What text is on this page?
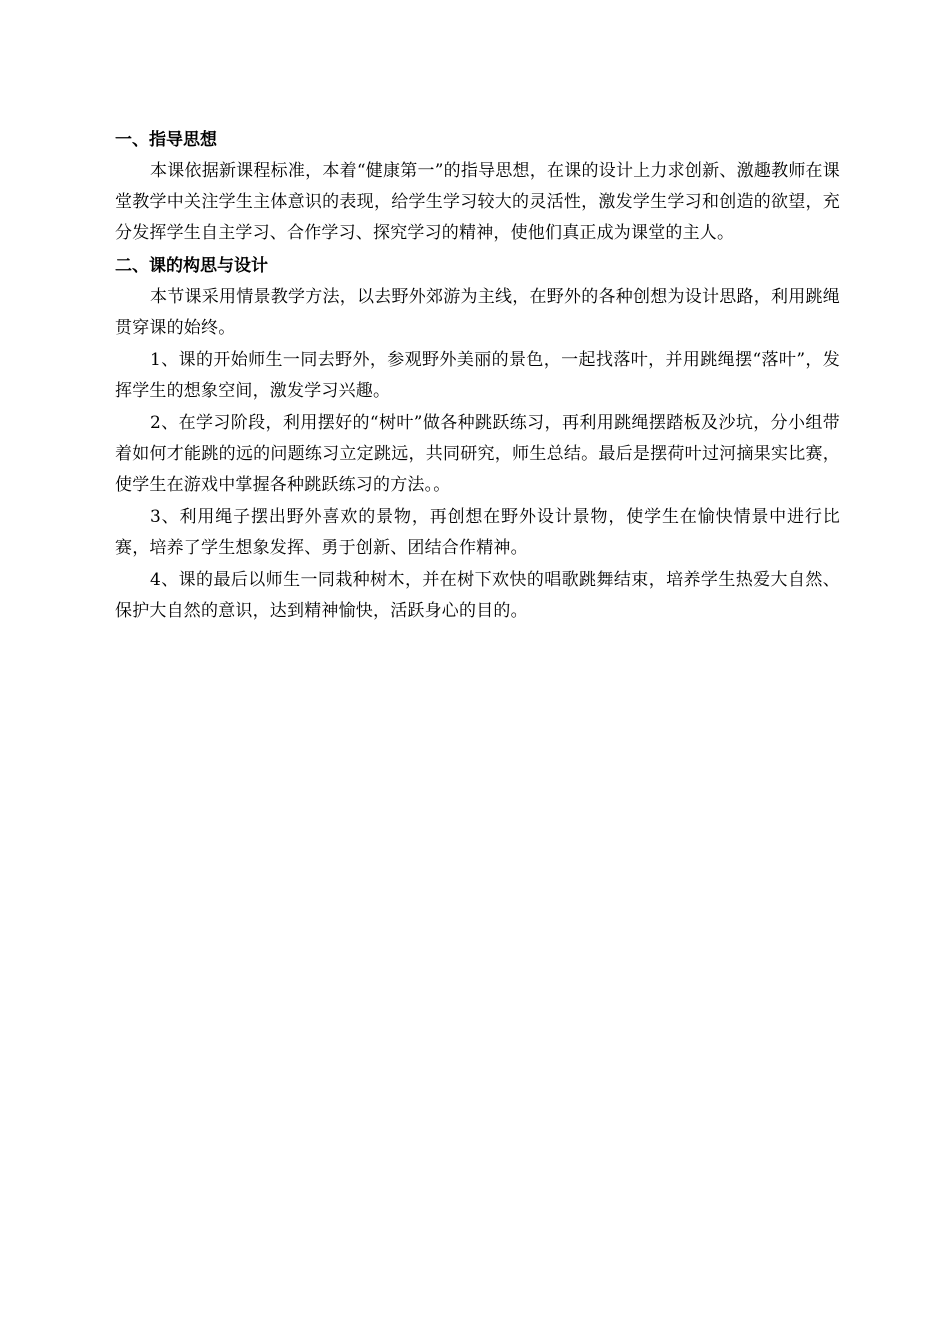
一、指导思想

本课依据新课程标准，本着“健康第一”的指导思想，在课的设计上力求创新、激趣教师在课堂教学中关注学生主体意识的表现，给学生学习较大的灵活性，激发学生学习和创造的欲望，充分发挥学生自主学习、合作学习、探究学习的精神，使他们真正成为课堂的主人。

二、课的构思与设计

本节课采用情景教学方法，以去野外郊游为主线，在野外的各种创想为设计思路，利用跳绳贯穿课的始终。

1、课的开始师生一同去野外，参观野外美丽的景色，一起找落叶，并用跳绳摆“落叶”，发挥学生的想象空间，激发学习兴趣。

2、在学习阶段，利用摆好的“树叶”做各种跳跃练习，再利用跳绳摆踏板及沙坑，分小组带着如何才能跳的远的问题练习立定跳远，共同研究，师生总结。最后是摆荷叶过河摘果实比赛，使学生在游戏中掌握各种跳跃练习的方法。。

3、利用绳子摆出野外喜欢的景物，再创想在野外设计景物，使学生在愉快情景中进行比赛，培养了学生想象发挥、勇于创新、团结合作精神。

4、课的最后以师生一同栽种树木，并在树下欢快的唱歌跳舞结束，培养学生热爱大自然、保护大自然的意识，达到精神愉快，活跃身心的目的。
